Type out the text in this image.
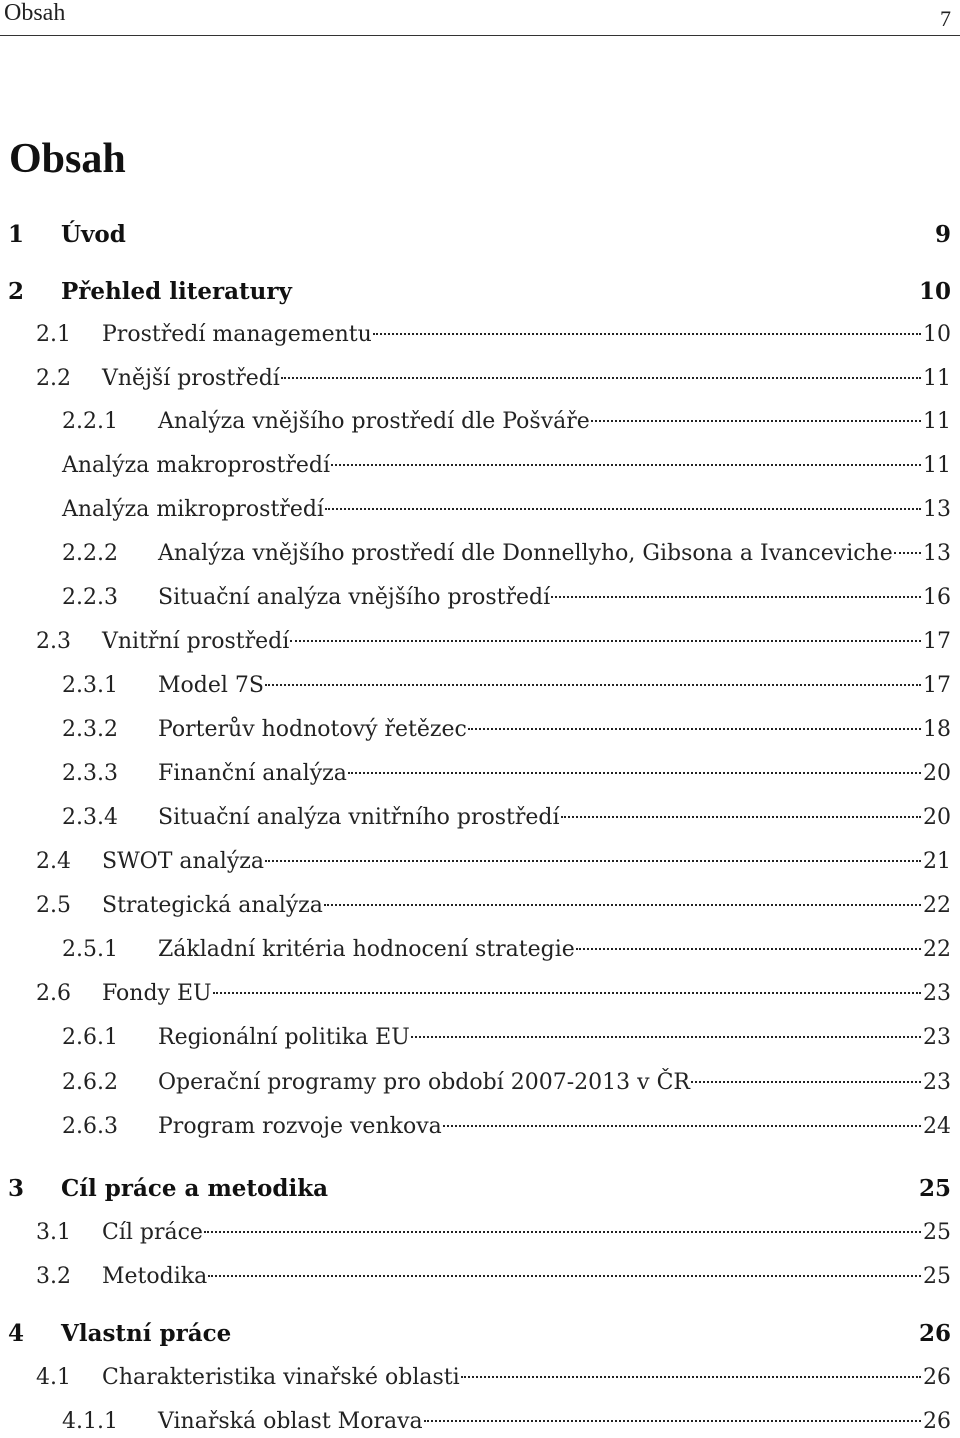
Obsah	7
Obsah
1 Úvod	9
2 Přehled literatury	10
2.1 Prostředí managementu	10
2.2 Vnější prostředí	11
2.2.1 Analýza vnějšího prostředí dle Pošváře	11
Analýza makroprostředí	11
Analýza mikroprostředí	13
2.2.2 Analýza vnějšího prostředí dle Donnellyho, Gibsona a Ivanceviche 13
2.2.3 Situační analýza vnějšího prostředí	16
2.3 Vnitřní prostředí	17
2.3.1 Model 7S	17
2.3.2 Porterův hodnotový řetězec	18
2.3.3 Finanční analýza	20
2.3.4 Situační analýza vnitřního prostředí	20
2.4 SWOT analýza	21
2.5 Strategická analýza	22
2.5.1 Základní kritéria hodnocení strategie	22
2.6 Fondy EU	23
2.6.1 Regionální politika EU	23
2.6.2 Operační programy pro období 2007-2013 v ČR	23
2.6.3 Program rozvoje venkova	24
3 Cíl práce a metodika	25
3.1 Cíl práce	25
3.2 Metodika	25
4 Vlastní práce	26
4.1 Charakteristika vinařské oblasti	26
4.1.1 Vinařská oblast Morava	26
